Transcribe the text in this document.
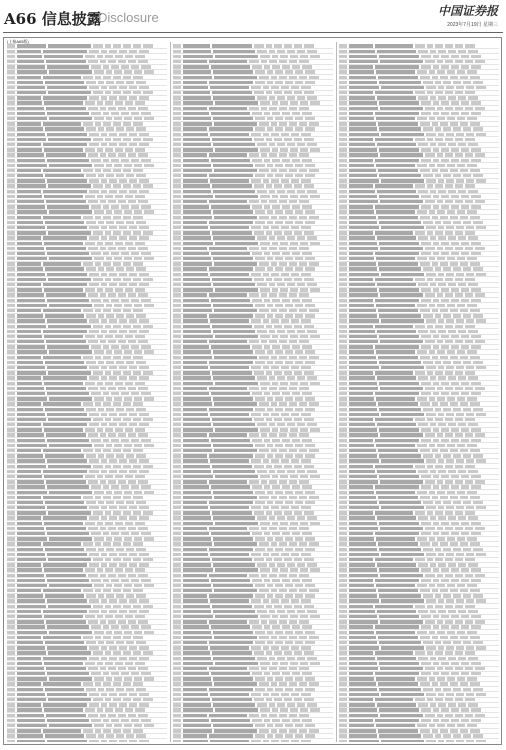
A66 信息披露
Disclosure	中国证券报
2023年7月19日 星期三
(上接A65版)
